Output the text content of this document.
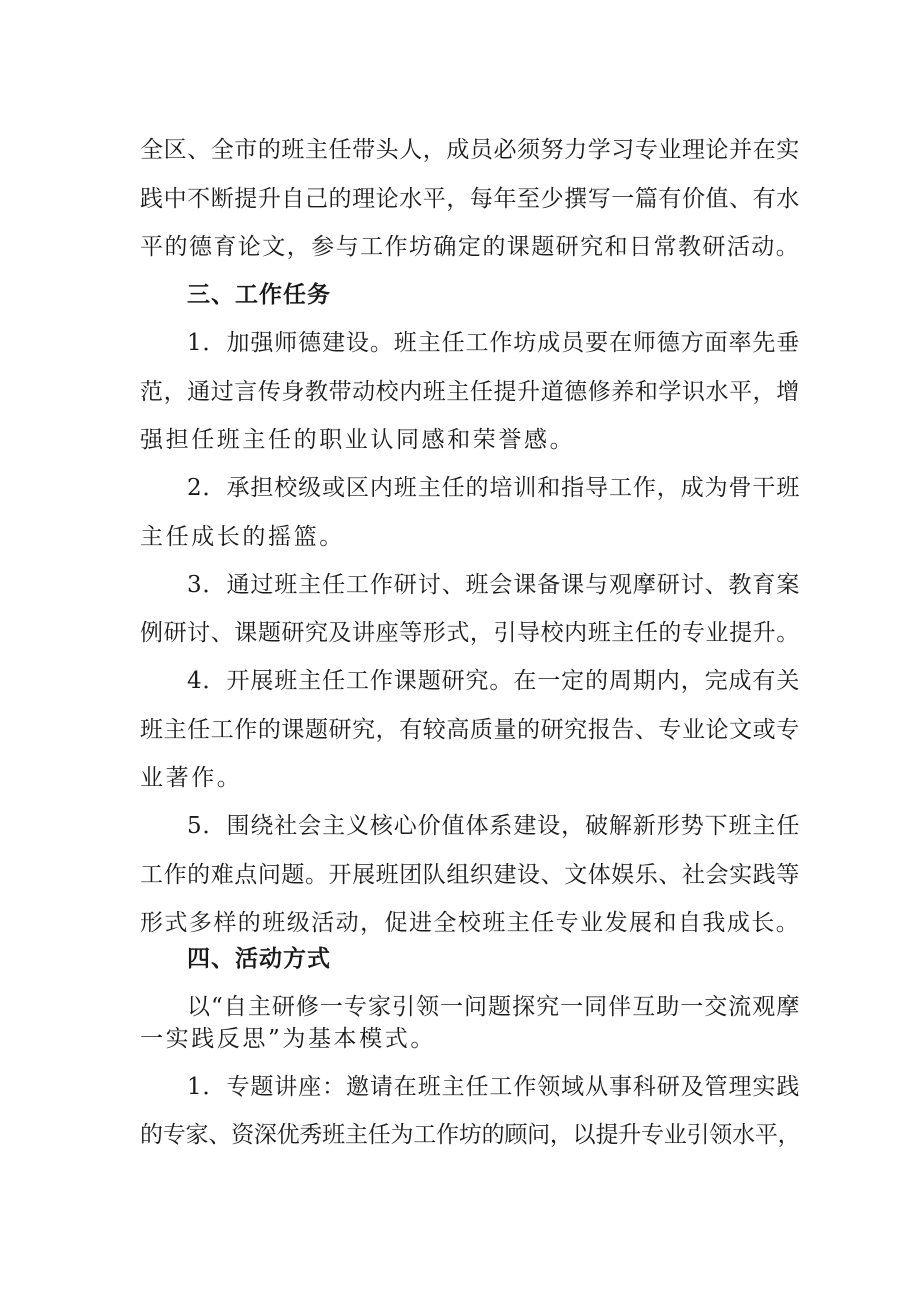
全区、全市的班主任带头人，成员必须努力学习专业理论并在实

践中不断提升自己的理论水平，每年至少撰写一篇有价值、有水

平的德育论文，参与工作坊确定的课题研究和日常教研活动。

三、工作任务

1．加强师德建设。班主任工作坊成员要在师德方面率先垂

范，通过言传身教带动校内班主任提升道德修养和学识水平，增

强担任班主任的职业认同感和荣誉感。

2．承担校级或区内班主任的培训和指导工作，成为骨干班

主任成长的摇篮。

3．通过班主任工作研讨、班会课备课与观摩研讨、教育案

例研讨、课题研究及讲座等形式，引导校内班主任的专业提升。

4．开展班主任工作课题研究。在一定的周期内，完成有关

班主任工作的课题研究，有较高质量的研究报告、专业论文或专

业著作。

5．围绕社会主义核心价值体系建设，破解新形势下班主任

工作的难点问题。开展班团队组织建设、文体娱乐、社会实践等

形式多样的班级活动，促进全校班主任专业发展和自我成长。

四、活动方式

以“自主研修一专家引领一问题探究一同伴互助一交流观摩

一实践反思”为基本模式。

1．专题讲座：邀请在班主任工作领域从事科研及管理实践

的专家、资深优秀班主任为工作坊的顾问，以提升专业引领水平，
